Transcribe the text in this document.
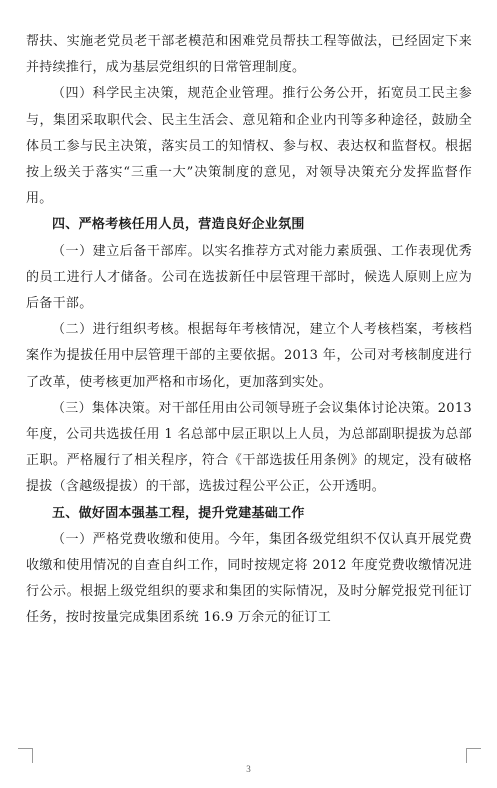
帮扶、实施老党员老干部老模范和困难党员帮扶工程等做法，已经固定下来并持续推行，成为基层党组织的日常管理制度。

（四）科学民主决策，规范企业管理。推行公务公开，拓宽员工民主参与，集团采取职代会、民主生活会、意见箱和企业内刊等多种途径，鼓励全体员工参与民主决策，落实员工的知情权、参与权、表达权和监督权。根据按上级关于落实“三重一大”决策制度的意见，对领导决策充分发挥监督作用。

四、严格考核任用人员，营造良好企业氛围

（一）建立后备干部库。以实名推荐方式对能力素质强、工作表现优秀的员工进行人才储备。公司在选拔新任中层管理干部时，候选人原则上应为后备干部。

（二）进行组织考核。根据每年考核情况，建立个人考核档案，考核档案作为提拔任用中层管理干部的主要依据。2013 年，公司对考核制度进行了改革，使考核更加严格和市场化，更加落到实处。

（三）集体决策。对干部任用由公司领导班子会议集体讨论决策。2013 年度，公司共选拔任用 1 名总部中层正职以上人员，为总部副职提拔为总部正职。严格履行了相关程序，符合《干部选拔任用条例》的规定，没有破格提拔（含越级提拔）的干部，选拔过程公平公正，公开透明。

五、做好固本强基工程，提升党建基础工作

（一）严格党费收缴和使用。今年，集团各级党组织不仅认真开展党费收缴和使用情况的自查自纠工作，同时按规定将 2012 年度党费收缴情况进行公示。根据上级党组织的要求和集团的实际情况，及时分解党报党刊征订任务，按时按量完成集团系统 16.9 万余元的征订工

3
